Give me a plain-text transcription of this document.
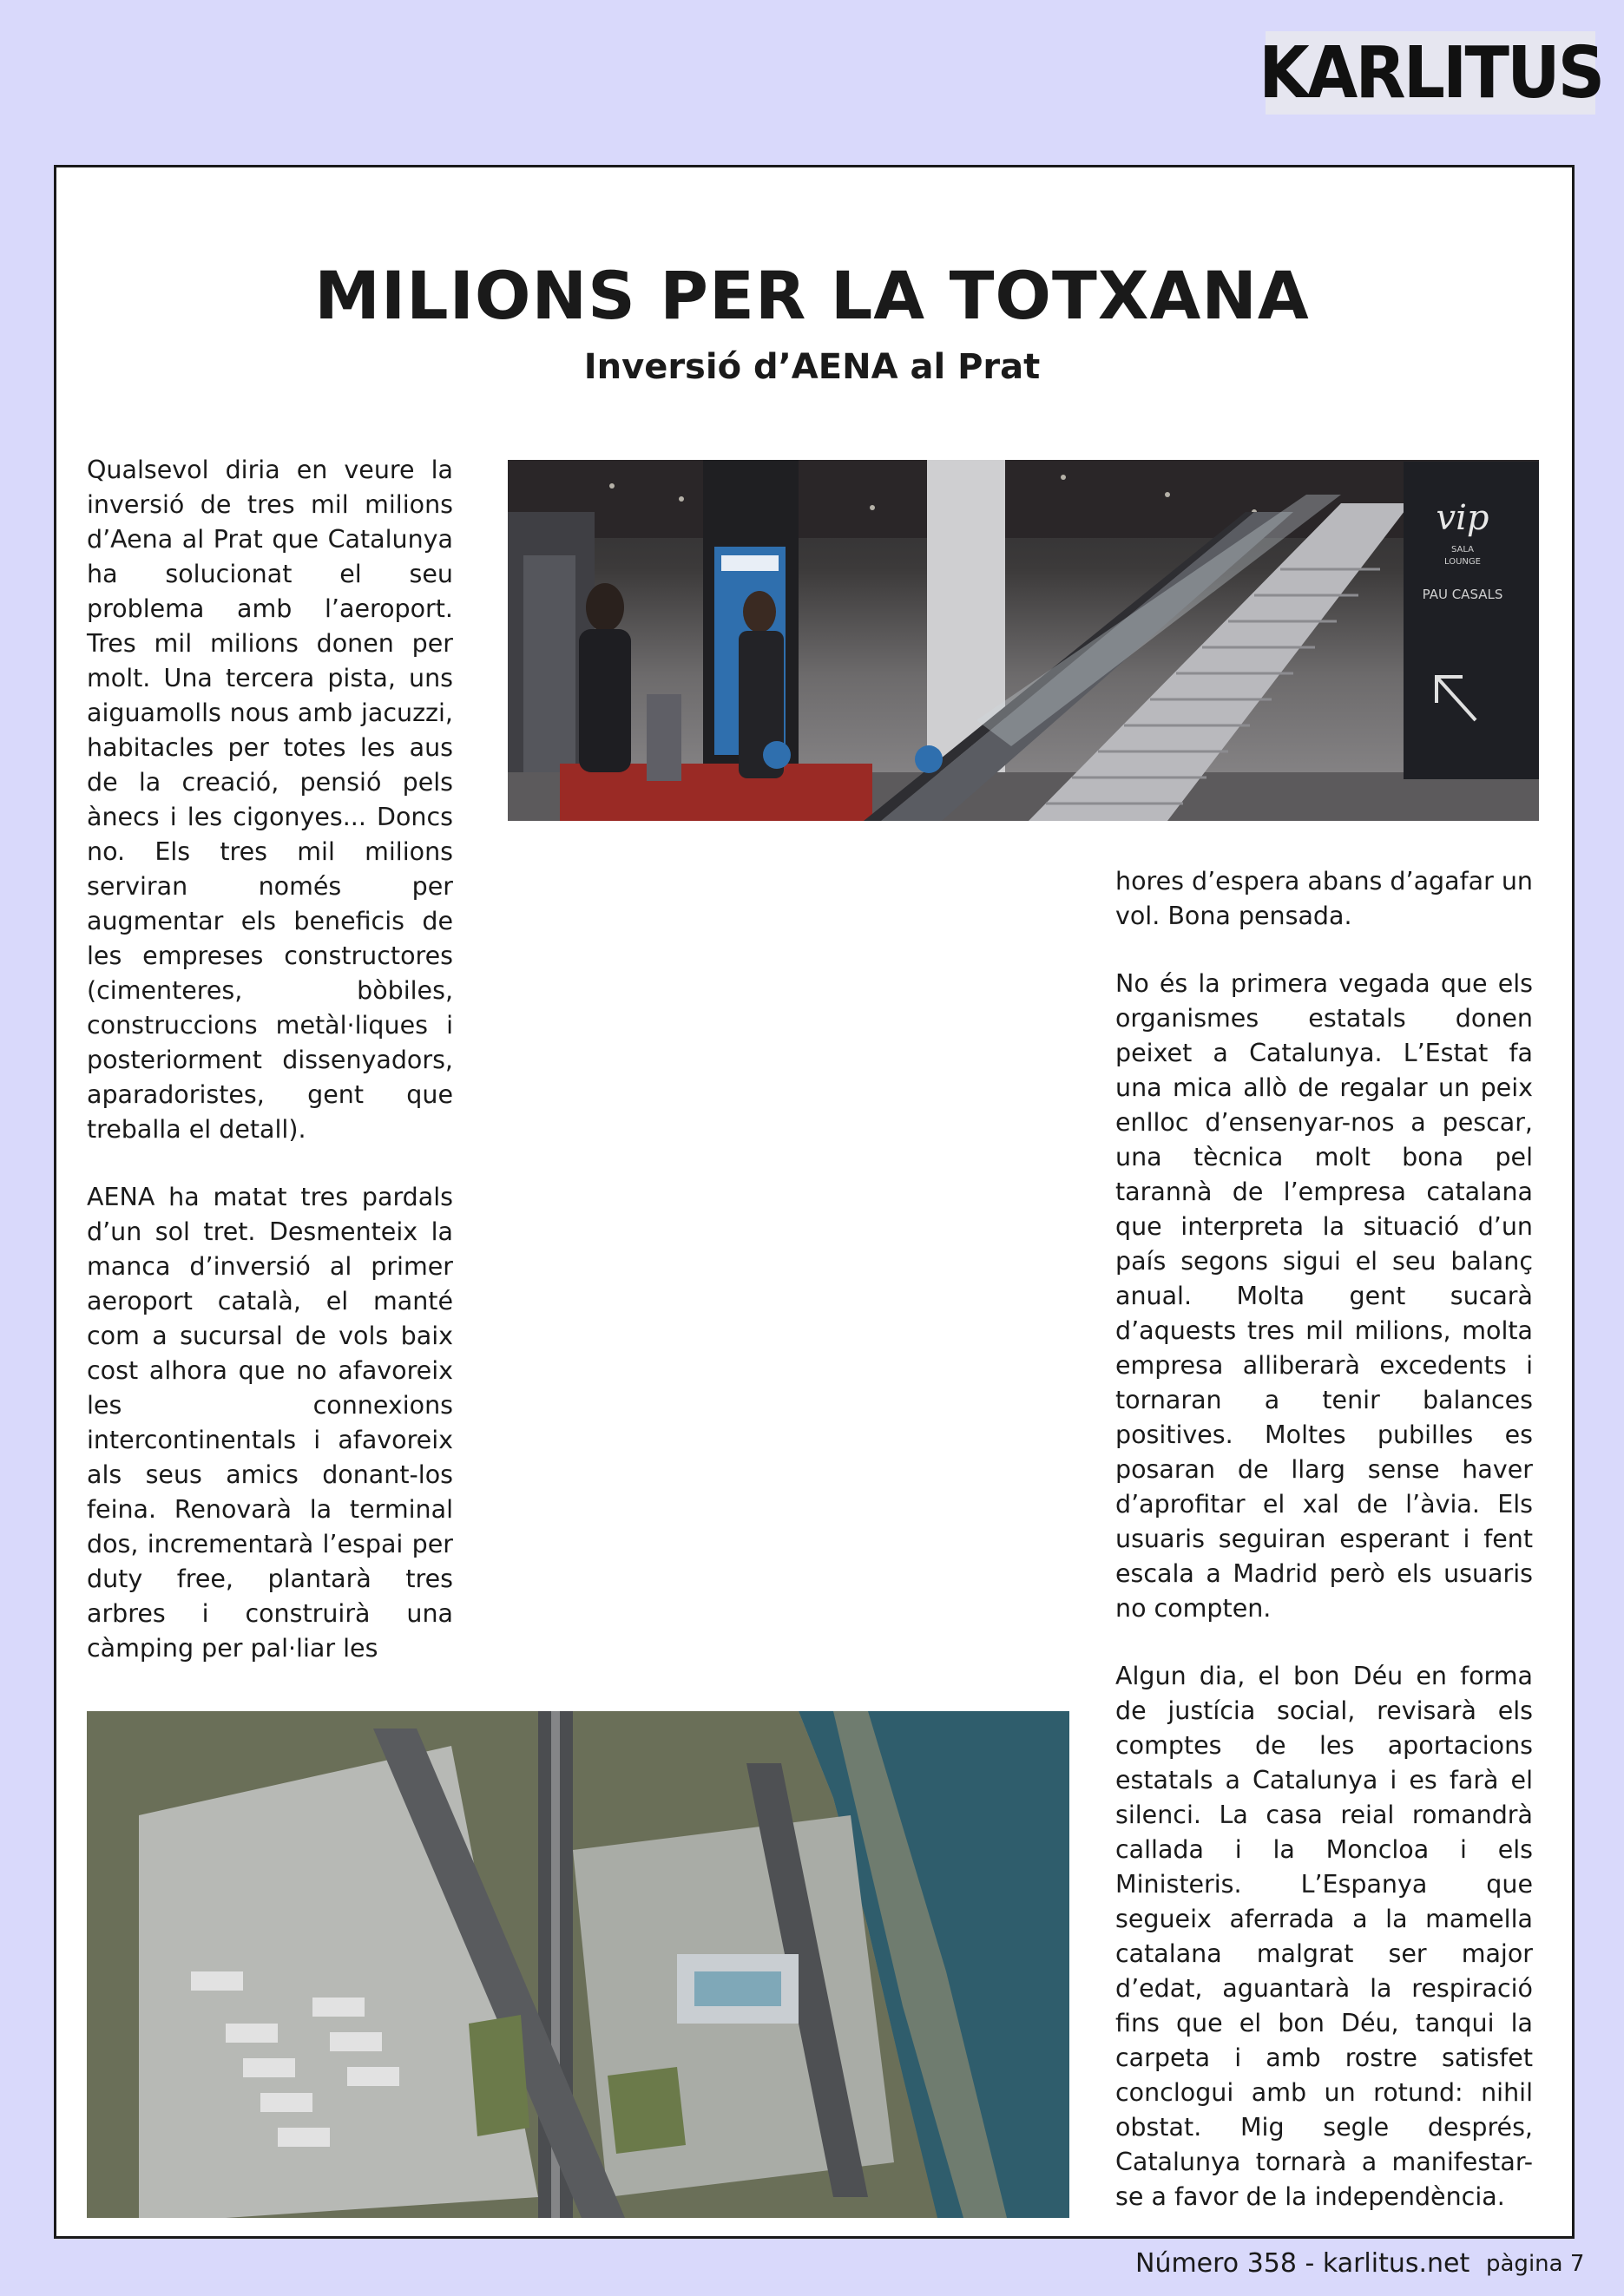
KARLITUS
MILIONS PER LA TOTXANA
Inversió d’AENA al Prat

Qualsevol diria en veure la inversió de tres mil milions d’Aena al Prat que Catalunya ha solucionat el seu problema amb l’aeroport. Tres mil milions donen per molt. Una tercera pista, uns aiguamolls nous amb jacuzzi, habitacles per totes les aus de la creació, pensió pels ànecs i les cigonyes... Doncs no. Els tres mil milions serviran només per augmentar els beneficis de les empreses constructores (cimenteres, bòbiles, construccions metàl·liques i posteriorment dissenyadors, aparadoristes, gent que treballa el detall).

AENA ha matat tres pardals d’un sol tret. Desmenteix la manca d’inversió al primer aeroport català, el manté com a sucursal de vols baix cost alhora que no afavoreix les connexions intercontinentals i afavoreix als seus amics donant-los feina. Renovarà la terminal dos, incrementarà l’espai per duty free, plantarà tres arbres i construirà una càmping per pal·liar les

vip
SALA
LOUNGE
PAU CASALS

hores d’espera abans d’agafar un vol. Bona pensada.

No és la primera vegada que els organismes estatals donen peixet a Catalunya. L’Estat fa una mica allò de regalar un peix enlloc d’ensenyar-nos a pescar, una tècnica molt bona pel tarannà de l’empresa catalana que interpreta la situació d’un país segons sigui el seu balanç anual. Molta gent sucarà d’aquests tres mil milions, molta empresa alliberarà excedents i tornaran a tenir balances positives. Moltes pubilles es posaran de llarg sense haver d’aprofitar el xal de l’àvia. Els usuaris seguiran esperant i fent escala a Madrid però els usuaris no compten.

Algun dia, el bon Déu en forma de justícia social, revisarà els comptes de les aportacions estatals a Catalunya i es farà el silenci. La casa reial romandrà callada i la Moncloa i els Ministeris. L’Espanya que segueix aferrada a la mamella catalana malgrat ser major d’edat, aguantarà la respiració fins que el bon Déu, tanqui la carpeta i amb rostre satisfet conclogui amb un rotund: nihil obstat. Mig segle després, Catalunya tornarà a manifestar-se a favor de la independència.

Número 358 - karlitus.net pàgina 7
